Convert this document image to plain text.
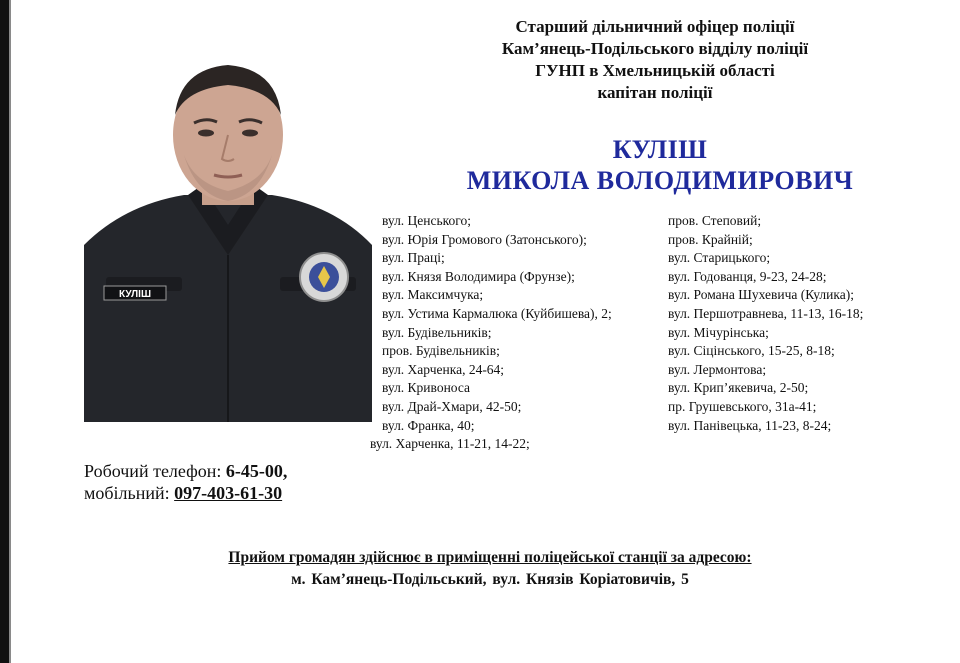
Старший дільничний офіцер поліції
Кам’янець-Подільського відділу поліції
ГУНП в Хмельницькій області
капітан поліції
КУЛІШ
МИКОЛА ВОЛОДИМИРОВИЧ
КУЛІШ
вул. Ценського;
вул. Юрія Громового (Затонського);
вул. Праці;
вул. Князя Володимира (Фрунзе);
вул. Максимчука;
вул. Устима Кармалюка (Куйбишева), 2;
вул. Будівельників;
пров. Будівельників;
вул. Харченка, 24-64;
вул. Кривоноса
вул. Драй-Хмари, 42-50;
вул. Франка, 40;
вул. Харченка, 11-21, 14-22;
пров. Степовий;
пров. Крайній;
вул. Старицького;
вул. Годованця, 9-23, 24-28;
вул. Романа Шухевича (Кулика);
вул. Першотравнева, 11-13, 16-18;
вул. Мічурінська;
вул. Сіцінського, 15-25, 8-18;
вул. Лермонтова;
вул. Крип’якевича, 2-50;
пр. Грушевського, 31а-41;
вул. Панівецька, 11-23, 8-24;
Робочий телефон: 6-45-00,
мобільний: 097-403-61-30
Прийом громадян здійснює в приміщенні поліцейської станції за адресою:
м. Кам’янець-Подільський, вул. Князів Коріатовичів, 5
